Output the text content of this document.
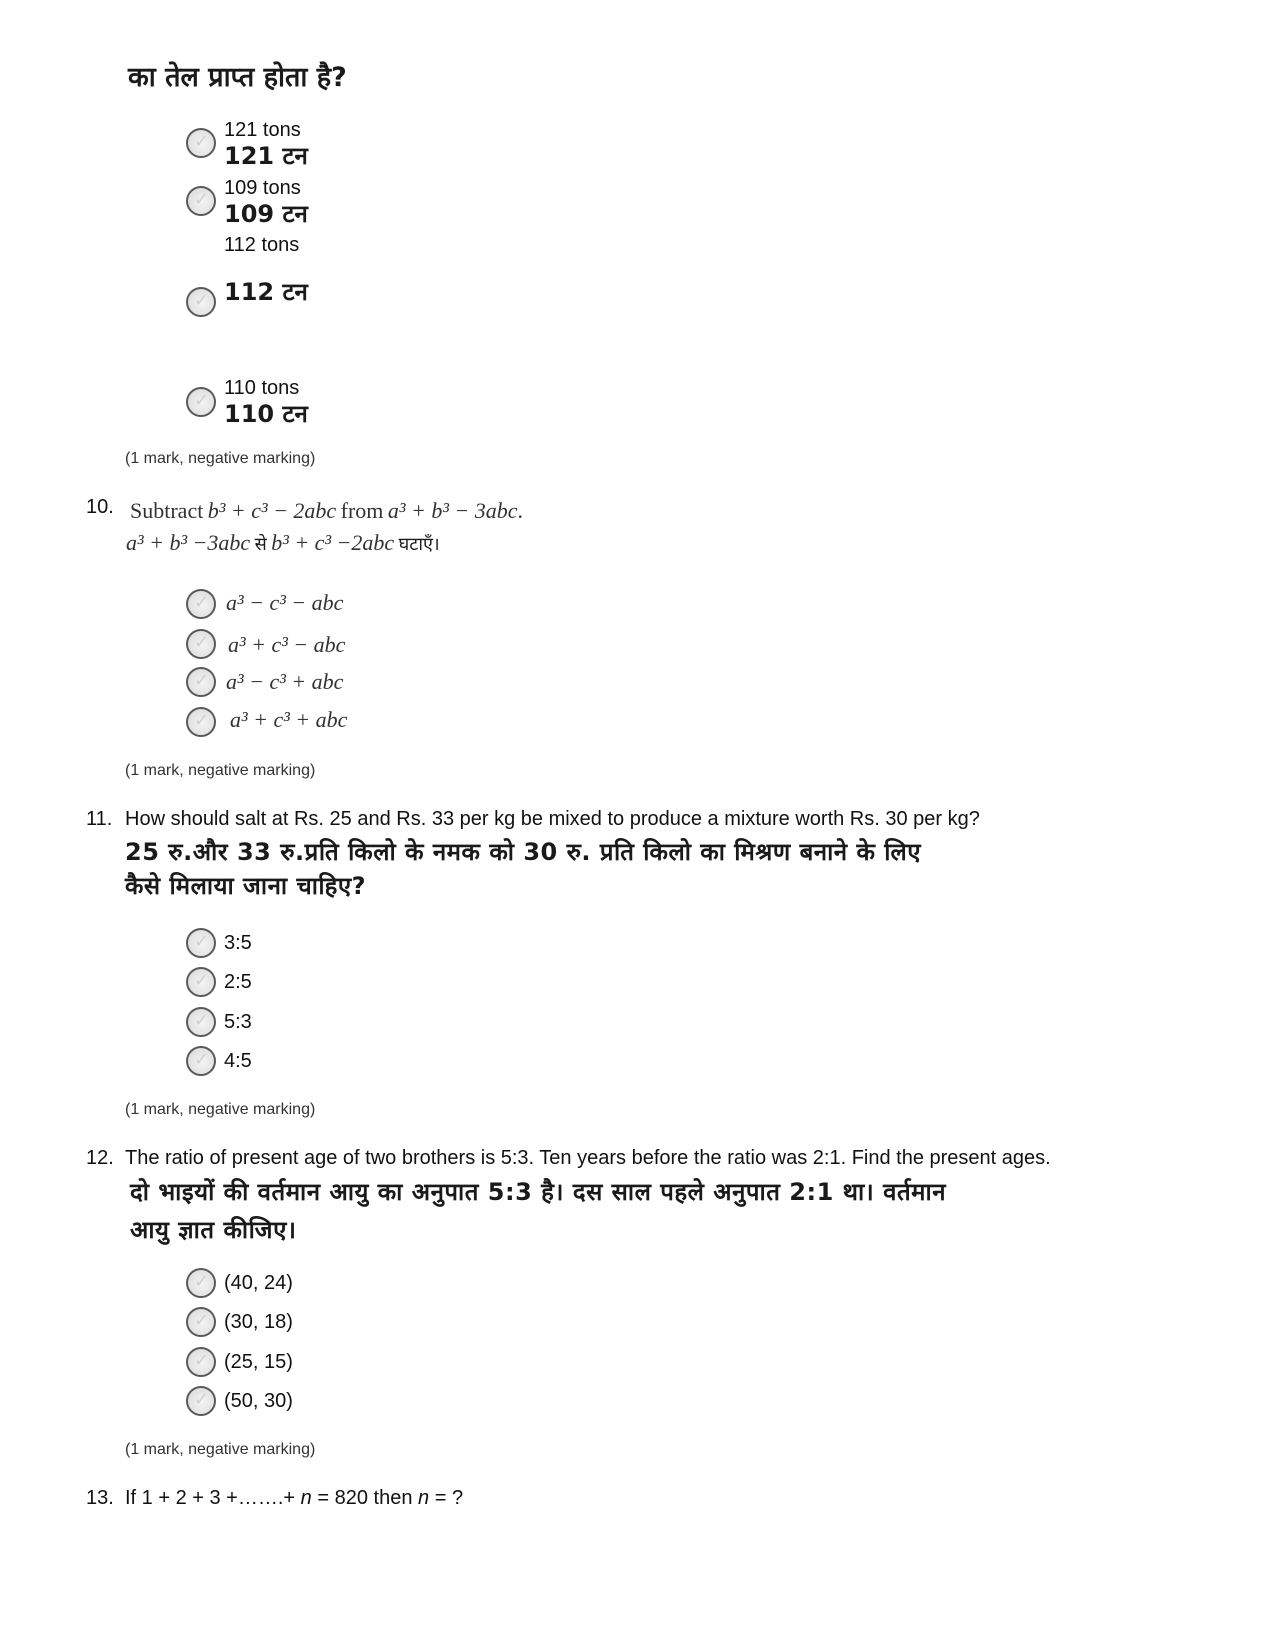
का तेल प्राप्त होता है?
✓
121 tons
121 टन
✓
109 tons
109 टन
112 tons
✓
112 टन
✓
110 tons
110 टन
(1 mark, negative marking)
10. Subtract b³ + c³ − 2abc from a³ + b³ − 3abc.
a³ + b³ −3abc से b³ + c³ −2abc घटाएँ।
✓
a³ − c³ − abc
✓
a³ + c³ − abc
✓
a³ − c³ + abc
✓
a³ + c³ + abc
(1 mark, negative marking)
11. How should salt at Rs. 25 and Rs. 33 per kg be mixed to produce a mixture worth Rs. 30 per kg?
25 रु.और 33 रु.प्रति किलो के नमक को 30 रु. प्रति किलो का मिश्रण बनाने के लिए
कैसे मिलाया जाना चाहिए?
✓
3:5
✓
2:5
✓
5:3
✓
4:5
(1 mark, negative marking)
12. The ratio of present age of two brothers is 5:3. Ten years before the ratio was 2:1. Find the present ages.
दो भाइयों की वर्तमान आयु का अनुपात 5:3 है। दस साल पहले अनुपात 2:1 था। वर्तमान
आयु ज्ञात कीजिए।
✓
(40, 24)
✓
(30, 18)
✓
(25, 15)
✓
(50, 30)
(1 mark, negative marking)
13. If 1 + 2 + 3 +…….+ n = 820 then n = ?
